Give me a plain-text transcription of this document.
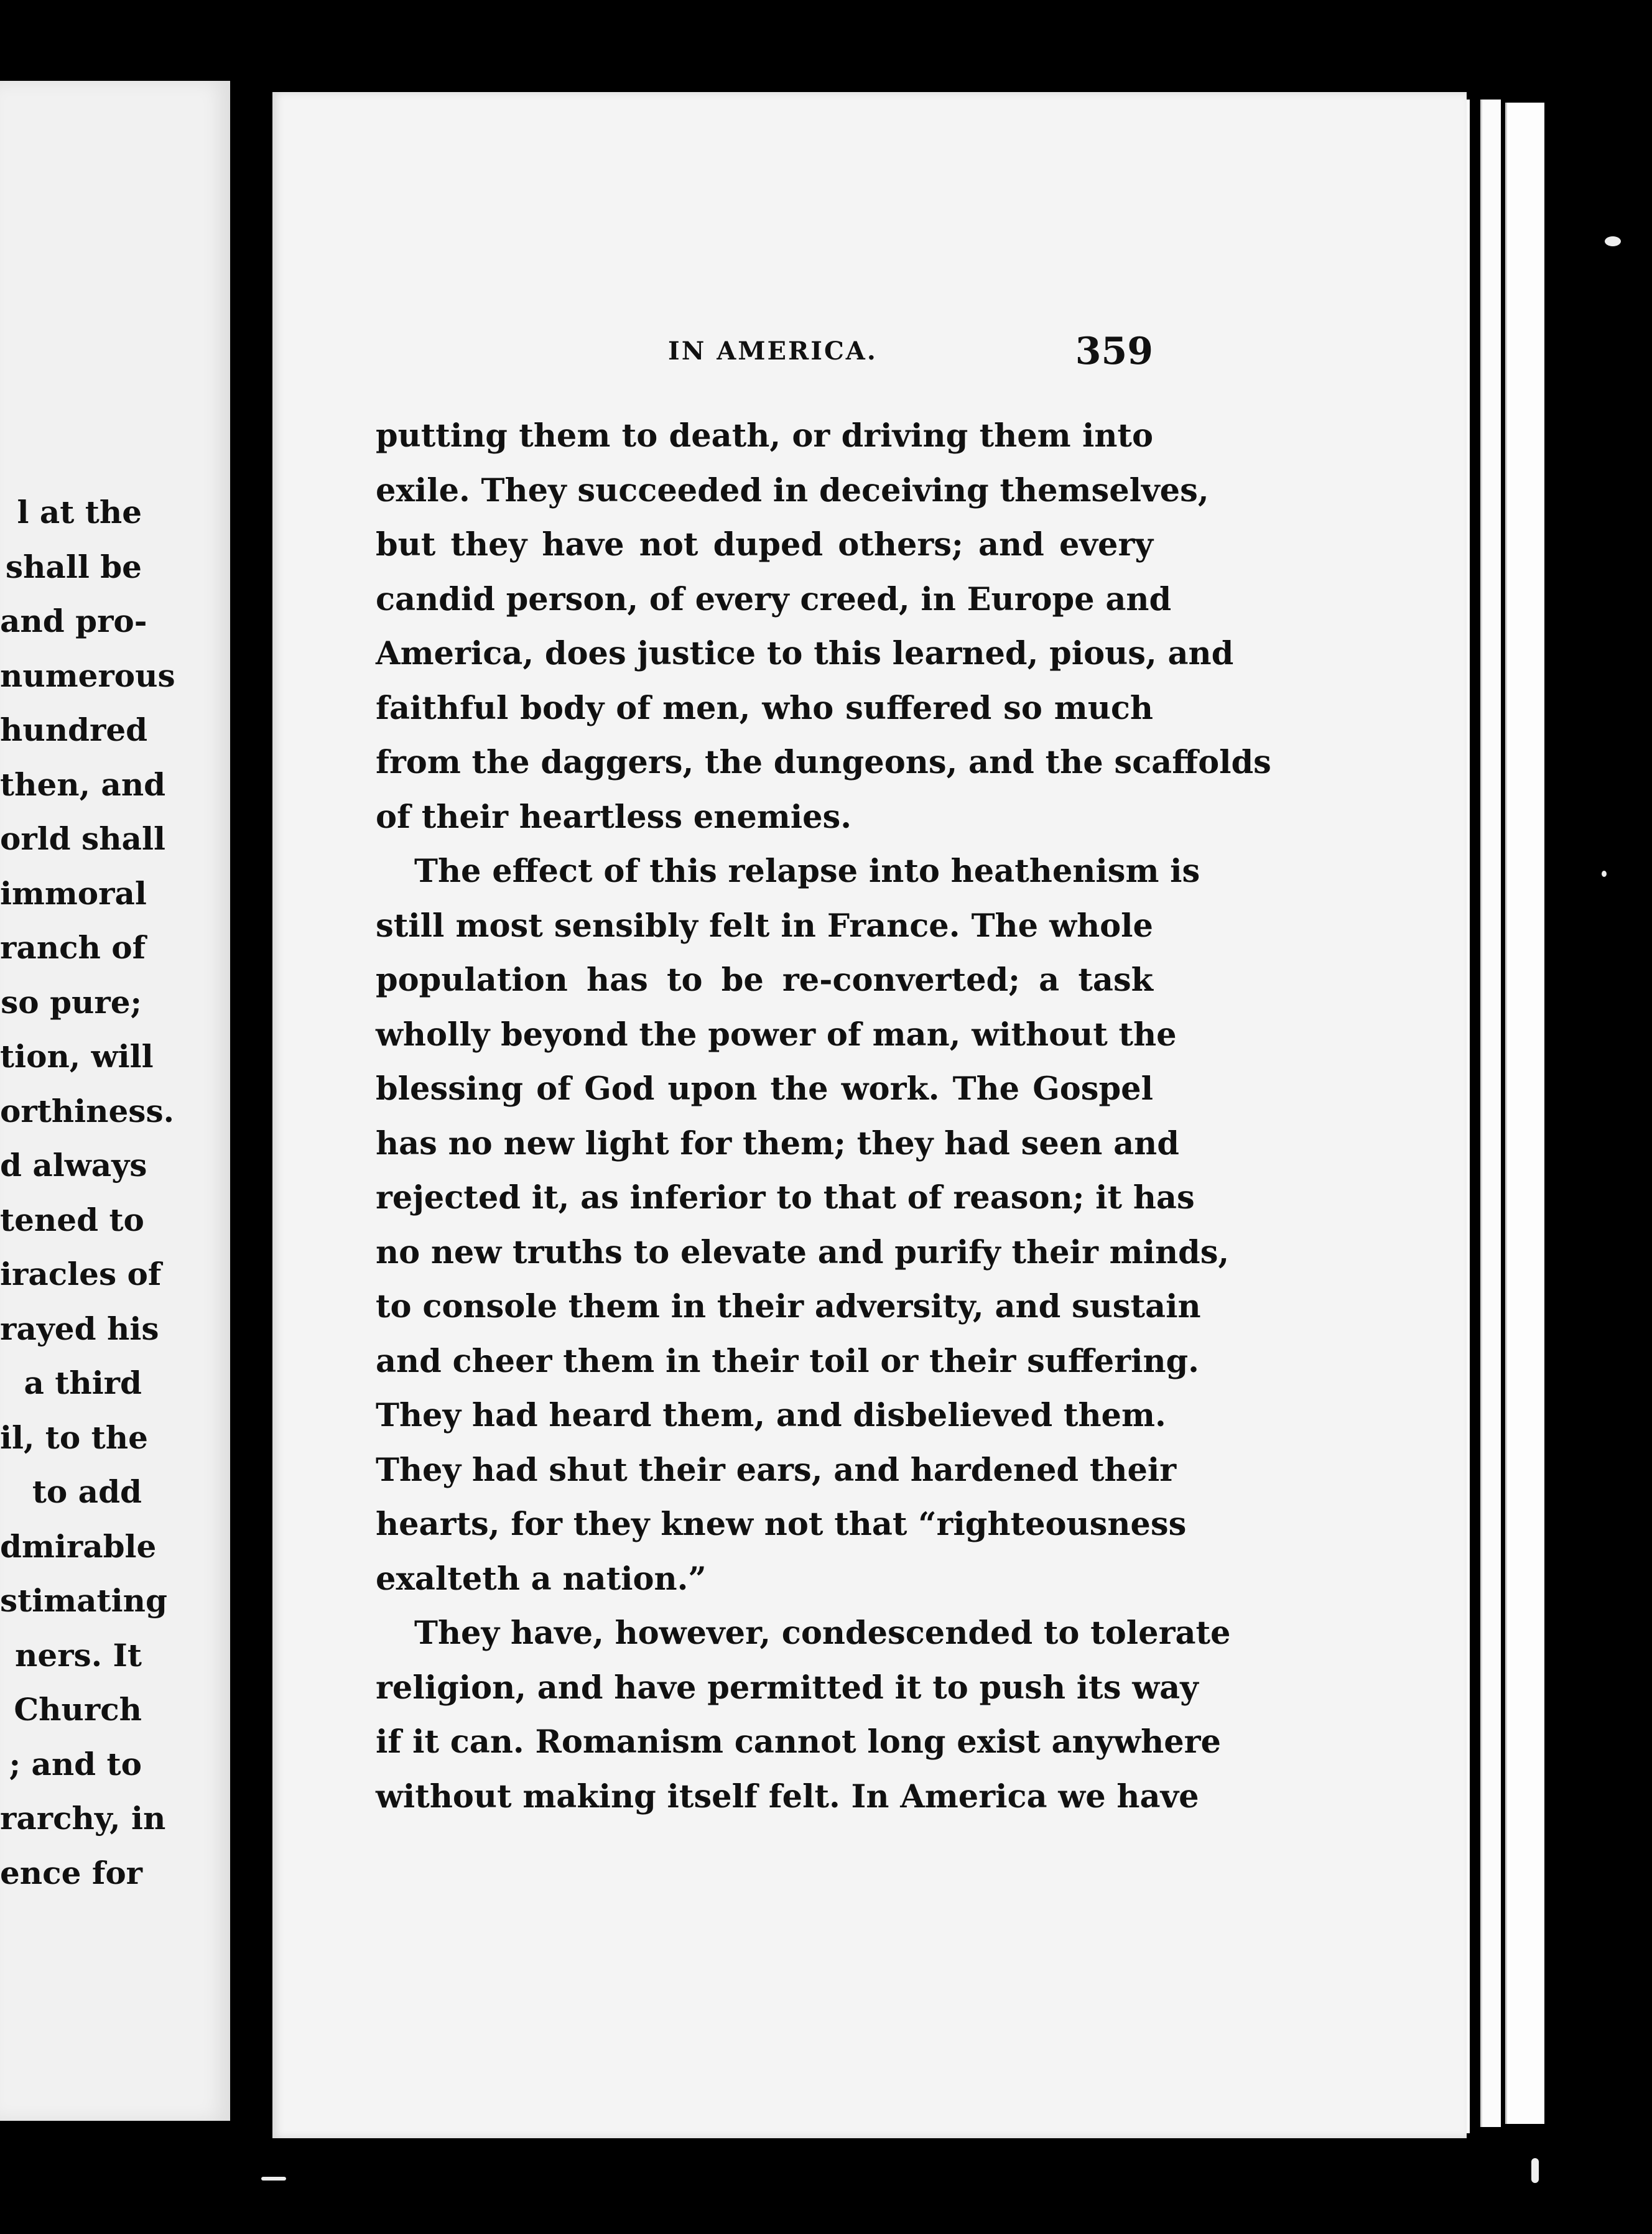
l at the
shall be
and pro-
numerous
hundred
then, and
orld shall
immoral
ranch of
so pure;
tion, will
orthiness.
d always
tened to
iracles of
rayed his
a third
il, to the
to add
dmirable
stimating
ners. It
Church
; and to
rarchy, in
ence for
IN AMERICA.	359
putting them to death, or driving them into
exile. They succeeded in deceiving themselves,
but they have not duped others; and every
candid person, of every creed, in Europe and
America, does justice to this learned, pious, and
faithful body of men, who suffered so much
from the daggers, the dungeons, and the scaffolds
of their heartless enemies.
The effect of this relapse into heathenism is
still most sensibly felt in France. The whole
population has to be re-converted; a task
wholly beyond the power of man, without the
blessing of God upon the work. The Gospel
has no new light for them; they had seen and
rejected it, as inferior to that of reason; it has
no new truths to elevate and purify their minds,
to console them in their adversity, and sustain
and cheer them in their toil or their suffering.
They had heard them, and disbelieved them.
They had shut their ears, and hardened their
hearts, for they knew not that “righteousness
exalteth a nation.”
They have, however, condescended to tolerate
religion, and have permitted it to push its way
if it can. Romanism cannot long exist anywhere
without making itself felt. In America we have
